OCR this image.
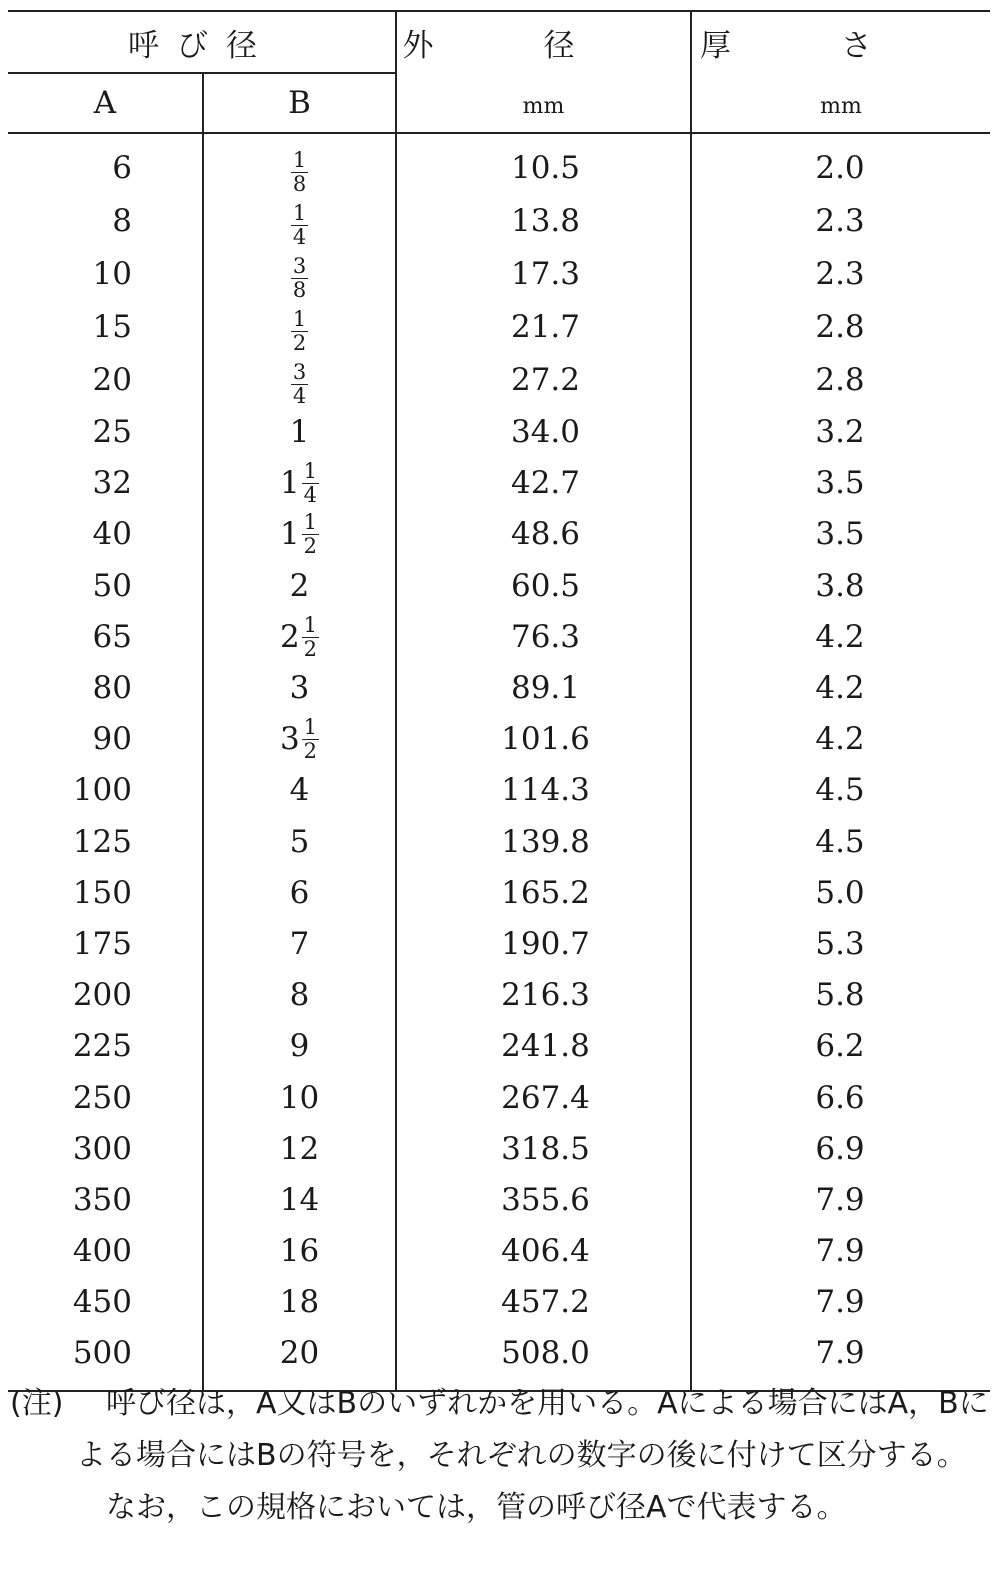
呼び径		外径	厚さ
A	B	mm	mm
6	$\frac{1}{8}$	10.5	2.0
8	$\frac{1}{4}$	13.8	2.3
10	$\frac{3}{8}$	17.3	2.3
15	$\frac{1}{2}$	21.7	2.8
20	$\frac{3}{4}$	27.2	2.8
25	1	34.0	3.2
32	$1 \frac{1}{4}$	42.7	3.5
40	$1 \frac{1}{2}$	48.6	3.5
50	2	60.5	3.8
65	$2 \frac{1}{2}$	76.3	4.2
80	3	89.1	4.2
90	$3 \frac{1}{2}$	101.6	4.2
100	4	114.3	4.5
125	5	139.8	4.5
150	6	165.2	5.0
175	7	190.7	5.3
200	8	216.3	5.8
225	9	241.8	6.2
250	10	267.4	6.6
300	12	318.5	6.9
350	14	355.6	7.9
400	16	406.4	7.9
450	18	457.2	7.9
500	20	508.0	7.9

(注) 呼び径は，A又はBのいずれかを用いる。Aによる場合にはA，Bによる場合にはBの符号を，それぞれの数字の後に付けて区分する。

なお，この規格においては，管の呼び径Aで代表する。
